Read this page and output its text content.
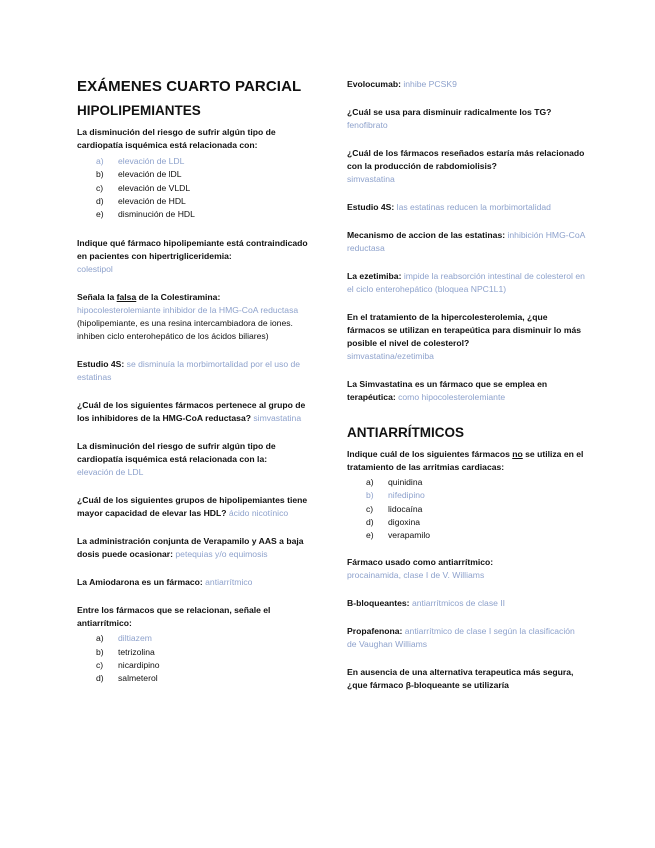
EXÁMENES CUARTO PARCIAL
HIPOLIPEMIANTES
La disminución del riesgo de sufrir algún tipo de cardiopatía isquémica está relacionada con:
a)	elevación de LDL
b)	elevación de lDL
c)	elevación de VLDL
d)	elevación de HDL
e)	disminución de HDL
Indique qué fármaco hipolipemiante está contraindicado en pacientes con hipertrigliceridemia:
colestipol
Señala la falsa de la Colestiramina:
hipocolesterolemiante inhibidor de la HMG-CoA reductasa (hipolipemiante, es una resina intercambiadora de iones. inhiben ciclo enterohepático de los ácidos biliares)
Estudio 4S: se disminuía la morbimortalidad por el uso de estatinas
¿Cuál de los siguientes fármacos pertenece al grupo de los inhibidores de la HMG-CoA reductasa? simvastatina
La disminución del riesgo de sufrir algún tipo de cardiopatía isquémica está relacionada con la:
elevación de LDL
¿Cuál de los siguientes grupos de hipolipemiantes tiene mayor capacidad de elevar las HDL? ácido nicotínico
La administración conjunta de Verapamilo y AAS a baja dosis puede ocasionar: petequias y/o equimosis
La Amiodarona es un fármaco: antiarrítmico
Entre los fármacos que se relacionan, señale el antiarrítmico:
a)	diltiazem
b)	tetrizolina
c)	nicardipino
d)	salmeterol
Evolocumab: inhibe PCSK9
¿Cuál se usa para disminuir radicalmente los TG?
fenofibrato
¿Cuál de los fármacos reseñados estaría más relacionado con la producción de rabdomiolisis?
simvastatina
Estudio 4S: las estatinas reducen la morbimortalidad
Mecanismo de accion de las estatinas: inhibición HMG-CoA reductasa
La ezetimiba: impide la reabsorción intestinal de colesterol en el ciclo enterohepático (bloquea NPC1L1)
En el tratamiento de la hipercolesterolemia, ¿que fármacos se utilizan en terapeútica para disminuir lo más posible el nivel de colesterol?
simvastatina/ezetimiba
La Simvastatina es un fármaco que se emplea en terapéutica: como hipocolesterolemiante
ANTIARRÍTMICOS
Indique cuál de los siguientes fármacos no se utiliza en el tratamiento de las arritmias cardiacas:
a)	quinidina
b)	nifedipino
c)	lidocaína
d)	digoxina
e)	verapamilo
Fármaco usado como antiarrítmico:
procainamida, clase I de V. Williams
B-bloqueantes: antiarrítmicos de clase II
Propafenona: antiarrítmico de clase I según la clasificación de Vaughan Williams
En ausencia de una alternativa terapeutica más segura, ¿que fármaco β-bloqueante se utilizaría
